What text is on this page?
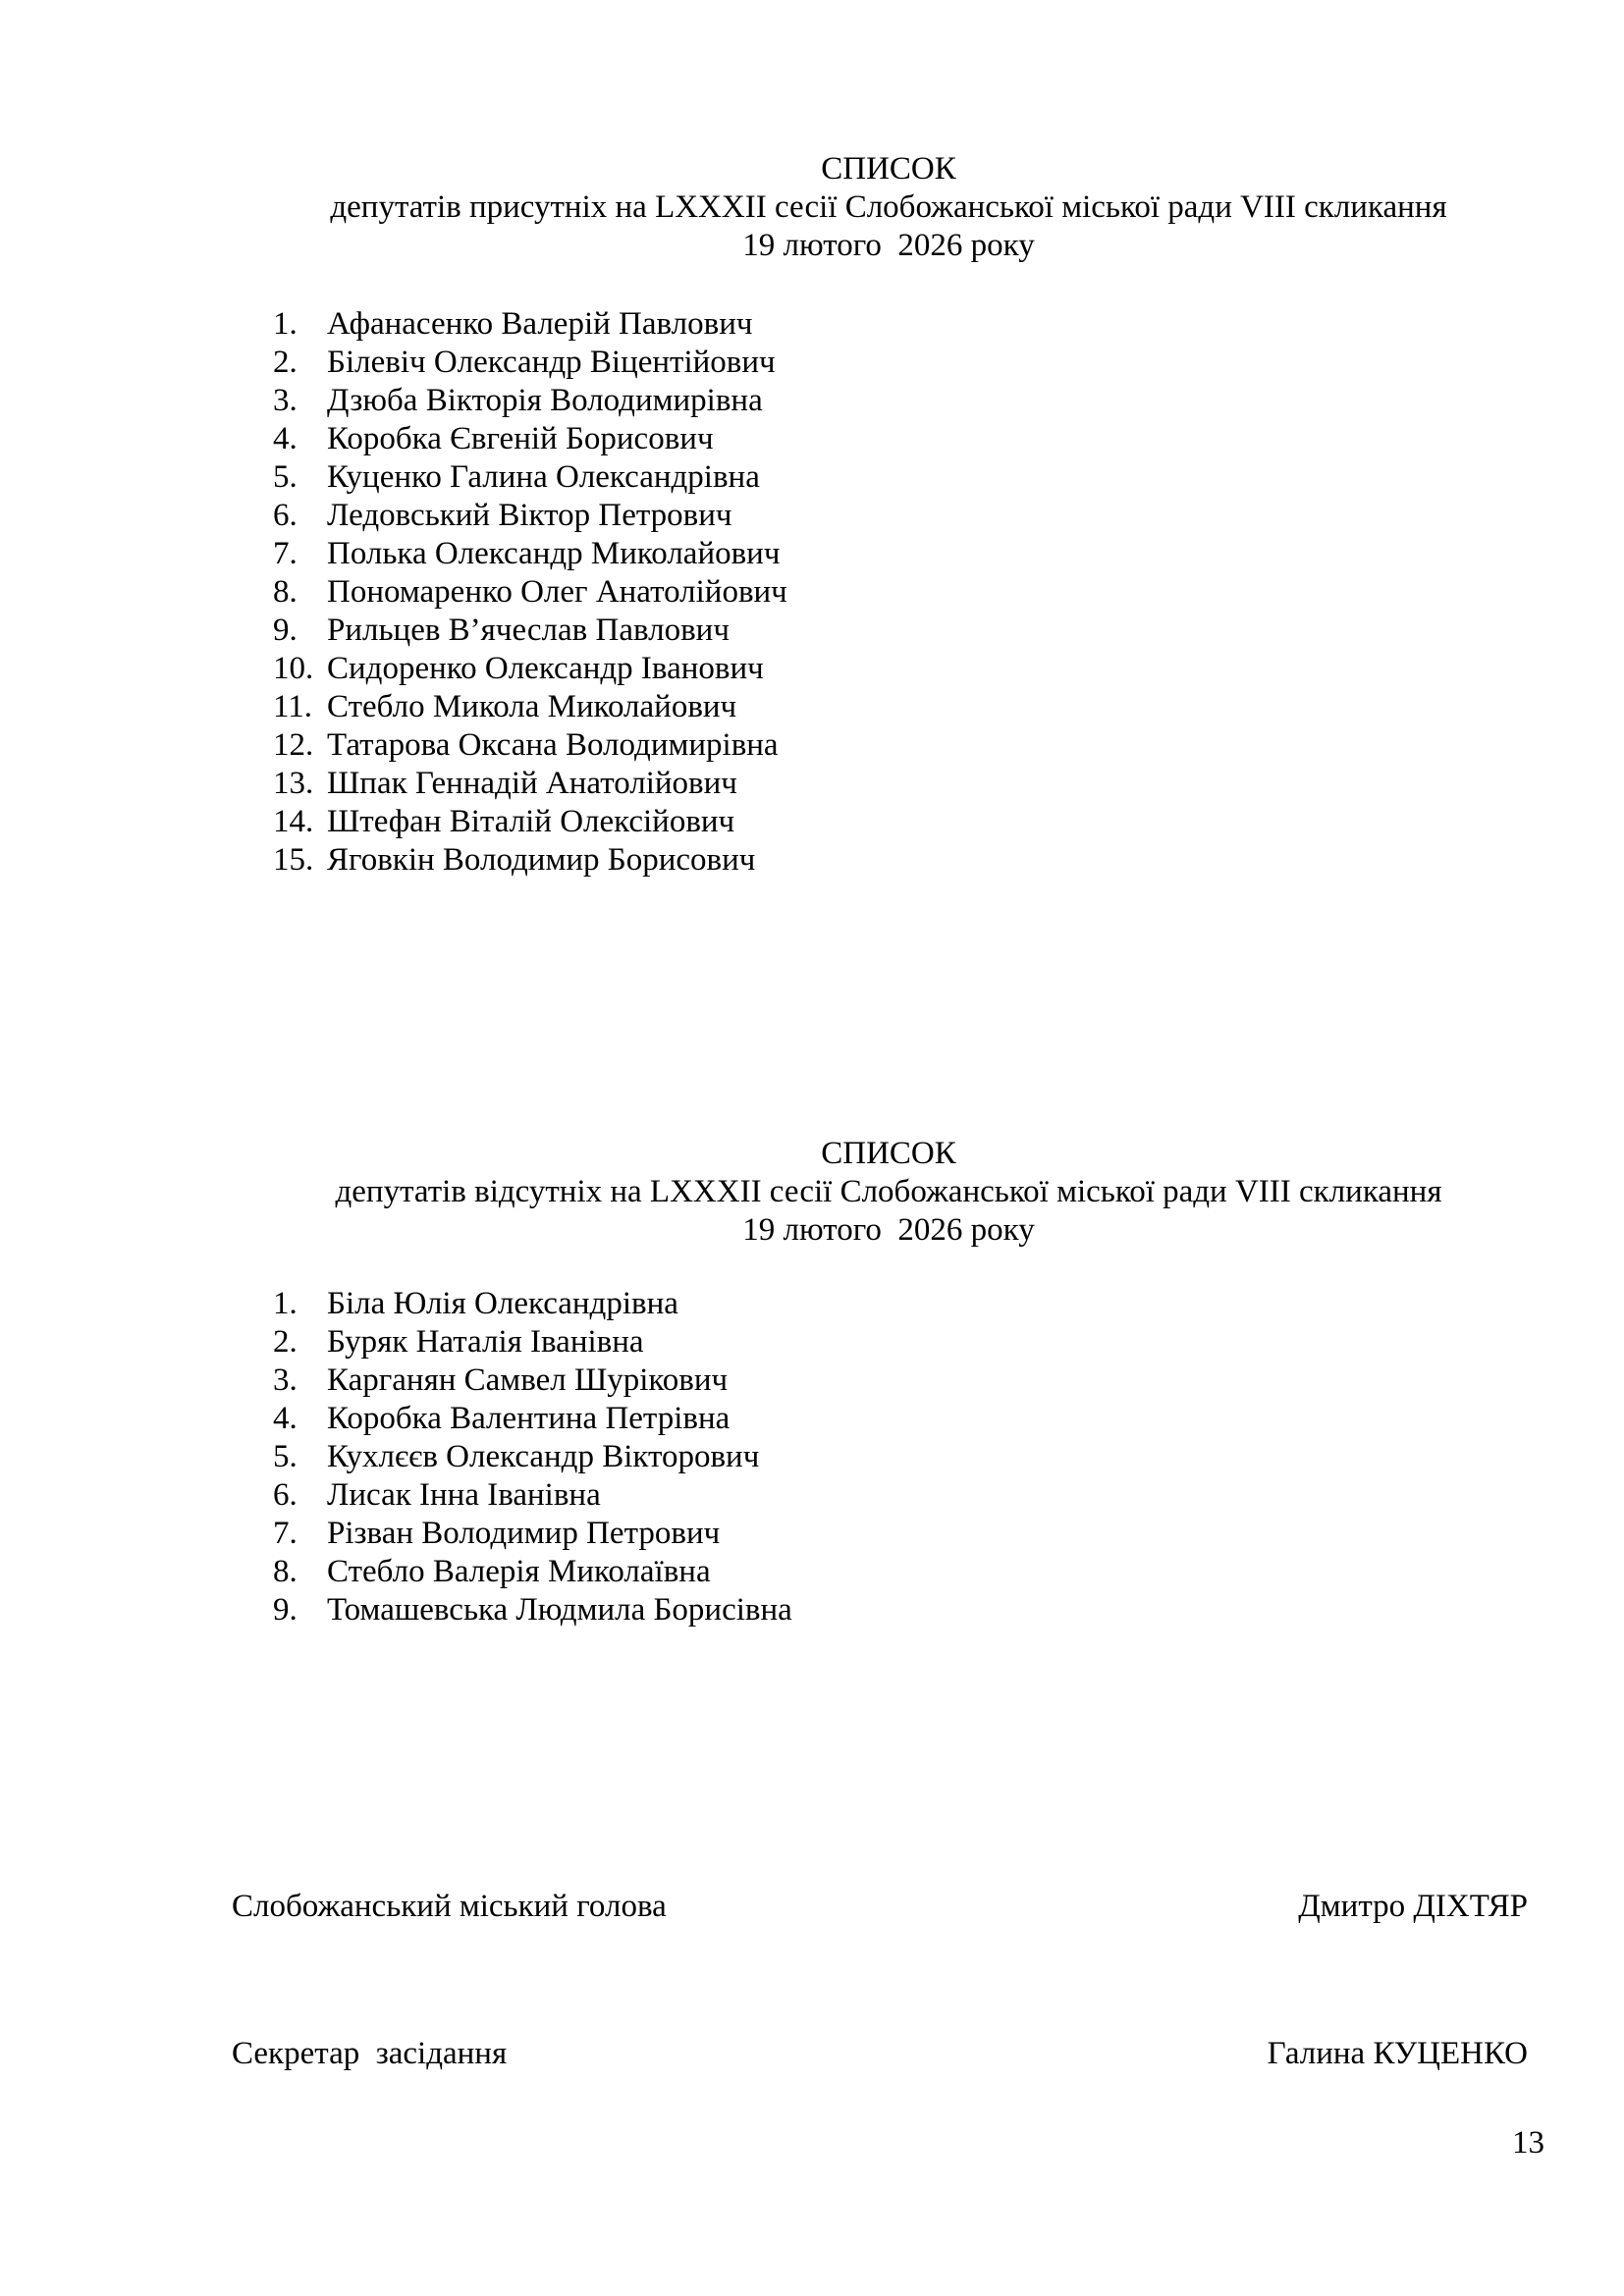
СПИСОК
депутатів присутніх на LXXXII сесії Слобожанської міської ради VIII скликання
19 лютого  2026 року
1. Афанасенко Валерій Павлович
2. Білевіч Олександр Віцентійович
3. Дзюба Вікторія Володимирівна
4. Коробка Євгеній Борисович
5. Куценко Галина Олександрівна
6. Ледовський Віктор Петрович
7. Полька Олександр Миколайович
8. Пономаренко Олег Анатолійович
9. Рильцев В’ячеслав Павлович
10. Сидоренко Олександр Іванович
11. Стебло Микола Миколайович
12. Татарова Оксана Володимирівна
13. Шпак Геннадій Анатолійович
14. Штефан Віталій Олексійович
15. Яговкін Володимир Борисович
СПИСОК
депутатів відсутніх на LXXXII сесії Слобожанської міської ради VIII скликання
19 лютого  2026 року
1. Біла Юлія Олександрівна
2. Буряк Наталія Іванівна
3. Карганян Самвел Шурікович
4. Коробка Валентина Петрівна
5. Кухлєєв Олександр Вікторович
6. Лисак Інна Іванівна
7. Різван Володимир Петрович
8. Стебло Валерія Миколаївна
9. Томашевська Людмила Борисівна
Слобожанський міський голова	Дмитро ДІХТЯР
Секретар  засідання	Галина КУЦЕНКО
13
